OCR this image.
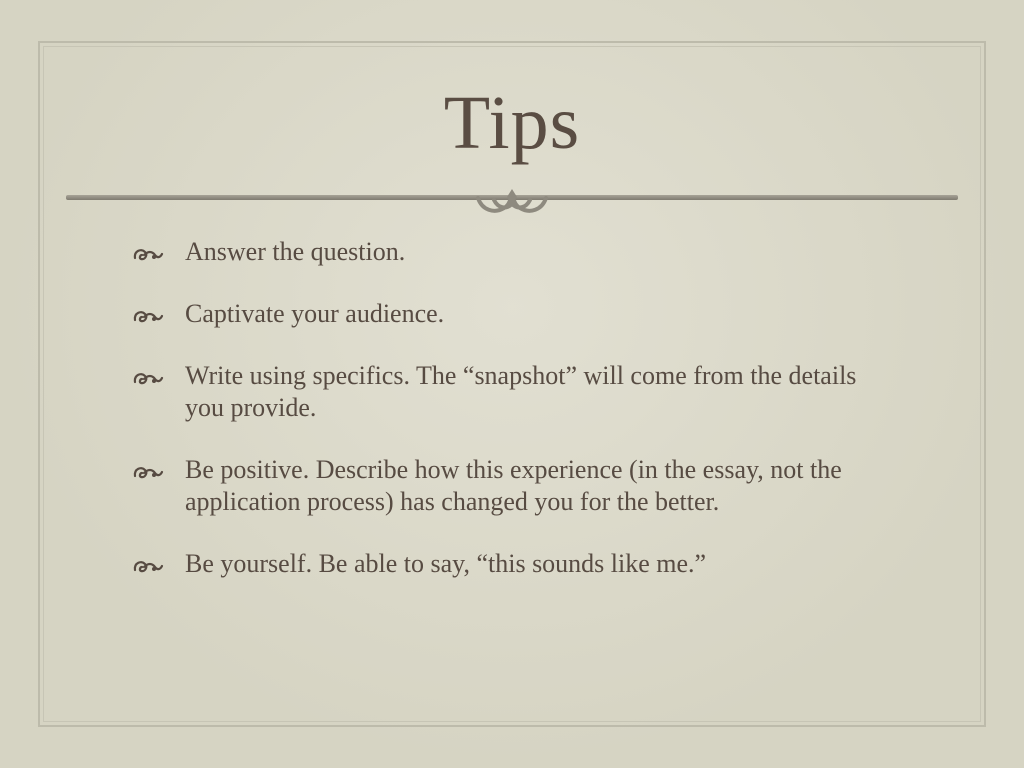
Tips
Answer the question.
Captivate your audience.
Write using specifics. The “snapshot” will come from the details you provide.
Be positive. Describe how this experience (in the essay, not the application process) has changed you for the better.
Be yourself. Be able to say, “this sounds like me.”
